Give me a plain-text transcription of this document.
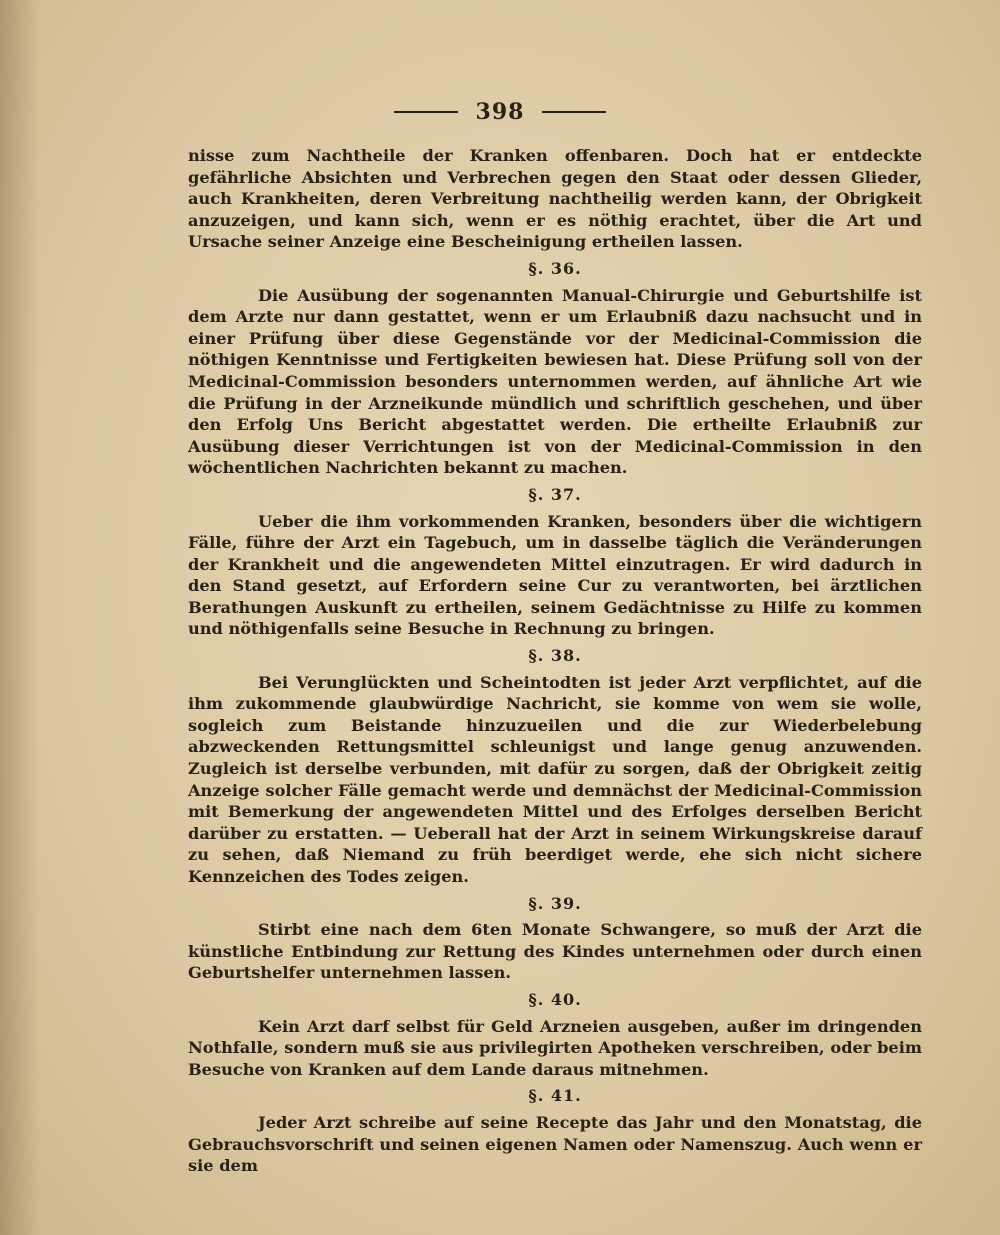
398

nisse zum Nachtheile der Kranken offenbaren. Doch hat er entdeckte gefährliche Absichten und Verbrechen gegen den Staat oder dessen Glieder, auch Krankheiten, deren Verbreitung nachtheilig werden kann, der Obrigkeit anzuzeigen, und kann sich, wenn er es nöthig erachtet, über die Art und Ursache seiner Anzeige eine Bescheinigung ertheilen lassen.

§. 36.

Die Ausübung der sogenannten Manual-Chirurgie und Geburtshilfe ist dem Arzte nur dann gestattet, wenn er um Erlaubniß dazu nachsucht und in einer Prüfung über diese Gegenstände vor der Medicinal-Commission die nöthigen Kenntnisse und Fertigkeiten bewiesen hat. Diese Prüfung soll von der Medicinal-Commission besonders unternommen werden, auf ähnliche Art wie die Prüfung in der Arzneikunde mündlich und schriftlich geschehen, und über den Erfolg Uns Bericht abgestattet werden. Die ertheilte Erlaubniß zur Ausübung dieser Verrichtungen ist von der Medicinal-Commission in den wöchentlichen Nachrichten bekannt zu machen.

§. 37.

Ueber die ihm vorkommenden Kranken, besonders über die wichtigern Fälle, führe der Arzt ein Tagebuch, um in dasselbe täglich die Veränderungen der Krankheit und die angewendeten Mittel einzutragen. Er wird dadurch in den Stand gesetzt, auf Erfordern seine Cur zu verantworten, bei ärztlichen Berathungen Auskunft zu ertheilen, seinem Gedächtnisse zu Hilfe zu kommen und nöthigenfalls seine Besuche in Rechnung zu bringen.

§. 38.

Bei Verunglückten und Scheintodten ist jeder Arzt verpflichtet, auf die ihm zukommende glaubwürdige Nachricht, sie komme von wem sie wolle, sogleich zum Beistande hinzuzueilen und die zur Wiederbelebung abzweckenden Rettungsmittel schleunigst und lange genug anzuwenden. Zugleich ist derselbe verbunden, mit dafür zu sorgen, daß der Obrigkeit zeitig Anzeige solcher Fälle gemacht werde und demnächst der Medicinal-Commission mit Bemerkung der angewendeten Mittel und des Erfolges derselben Bericht darüber zu erstatten. — Ueberall hat der Arzt in seinem Wirkungskreise darauf zu sehen, daß Niemand zu früh beerdiget werde, ehe sich nicht sichere Kennzeichen des Todes zeigen.

§. 39.

Stirbt eine nach dem 6ten Monate Schwangere, so muß der Arzt die künstliche Entbindung zur Rettung des Kindes unternehmen oder durch einen Geburtshelfer unternehmen lassen.

§. 40.

Kein Arzt darf selbst für Geld Arzneien ausgeben, außer im dringenden Nothfalle, sondern muß sie aus privilegirten Apotheken verschreiben, oder beim Besuche von Kranken auf dem Lande daraus mitnehmen.

§. 41.

Jeder Arzt schreibe auf seine Recepte das Jahr und den Monatstag, die Gebrauchsvorschrift und seinen eigenen Namen oder Namenszug. Auch wenn er sie dem
